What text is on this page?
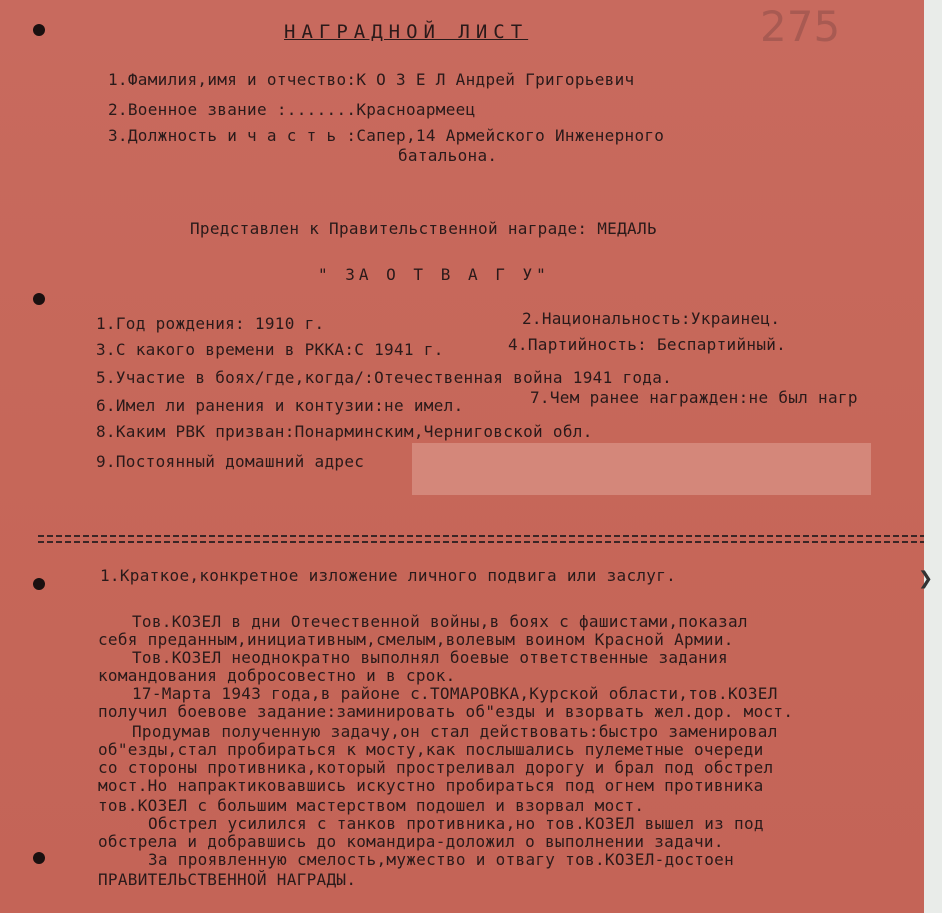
275
НАГРАДНОЙ ЛИСТ
1.Фамилия,имя и отчество:К О З Е Л Андрей Григорьевич
2.Военное звание :.......Красноармеец
3.Должность и ч а с т ь :Сапер,14 Армейского Инженерного
батальона.
Представлен к Правительственной награде: МЕДАЛЬ
" ЗА О Т В А Г У"
1.Год рождения: 1910 г.	2.Национальность:Украинец.
3.С какого времени в РККА:С 1941 г.	4.Партийность: Беспартийный.
5.Участие в боях/где,когда/:Отечественная война 1941 года.
6.Имел ли ранения и контузии:не имел.	7.Чем ранее награжден:не был нагр
8.Каким РВК призван:Понарминским,Черниговской обл.
9.Постоянный домашний адрес
1.Краткое,конкретное изложение личного подвига или заслуг.
Тов.КОЗЕЛ в дни Отечественной войны,в боях с фашистами,показал
себя преданным,инициативным,смелым,волевым воином Красной Армии.
Тов.КОЗЕЛ неоднократно выполнял боевые ответственные задания
командования добросовестно и в срок.
17-Марта 1943 года,в районе с.ТОМАРОВКА,Курской области,тов.КОЗЕЛ
получил боевове задание:заминировать об"езды и взорвать жел.дор. мост.
Продумав полученную задачу,он стал действовать:быстро заменировал
об"езды,стал пробираться к мосту,как послышались пулеметные очереди
со стороны противника,который простреливал дорогу и брал под обстрел
мост.Но напрактиковавшись искустно пробираться под огнем противника
тов.КОЗЕЛ с большим мастерством подошел и взорвал мост.
Обстрел усилился с танков противника,но тов.КОЗЕЛ вышел из под
обстрела и добравшись до командира-доложил о выполнении задачи.
За проявленную смелость,мужество и отвагу тов.КОЗЕЛ-достоен
ПРАВИТЕЛЬСТВЕННОЙ НАГРАДЫ.
❯
